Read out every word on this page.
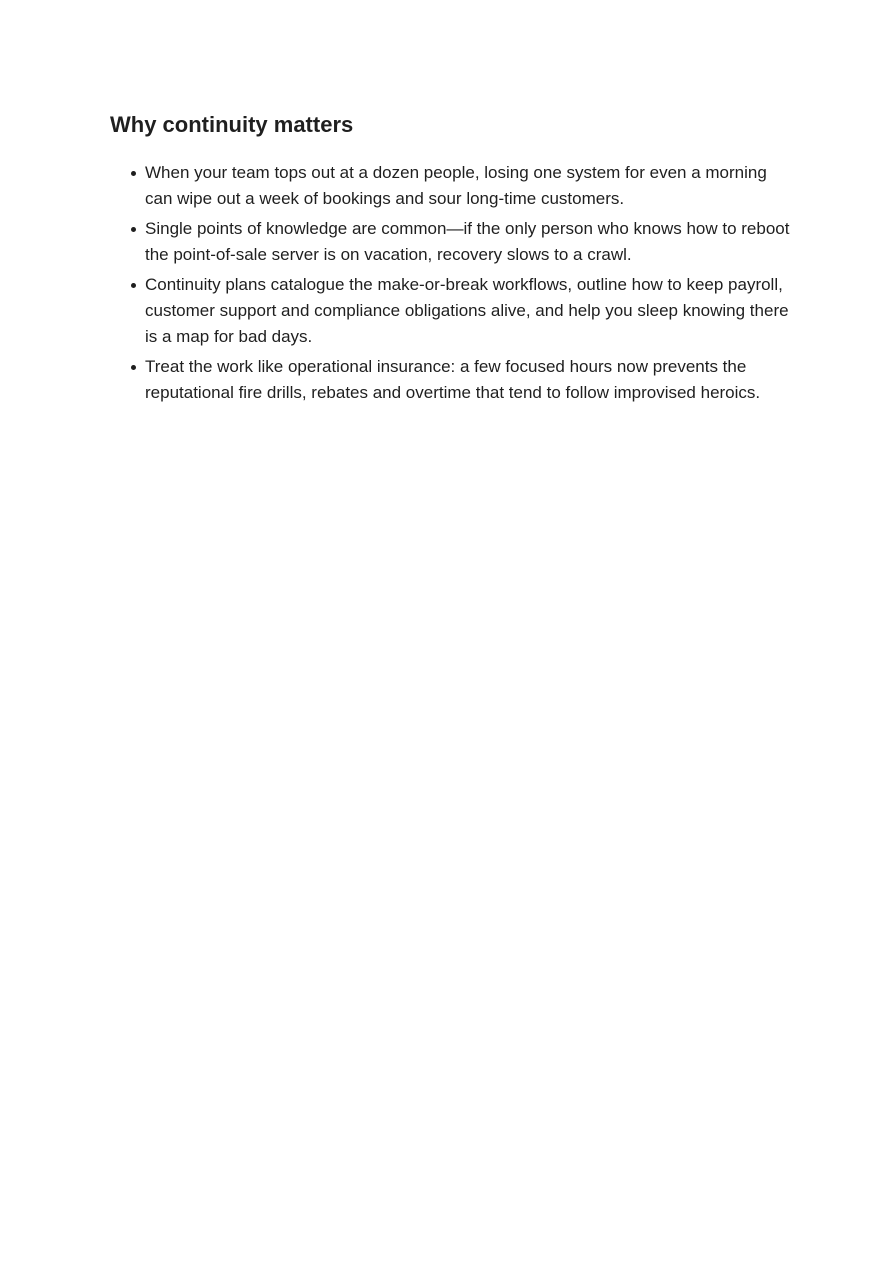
Why continuity matters
When your team tops out at a dozen people, losing one system for even a morning can wipe out a week of bookings and sour long-time customers.
Single points of knowledge are common—if the only person who knows how to reboot the point-of-sale server is on vacation, recovery slows to a crawl.
Continuity plans catalogue the make-or-break workflows, outline how to keep payroll, customer support and compliance obligations alive, and help you sleep knowing there is a map for bad days.
Treat the work like operational insurance: a few focused hours now prevents the reputational fire drills, rebates and overtime that tend to follow improvised heroics.
